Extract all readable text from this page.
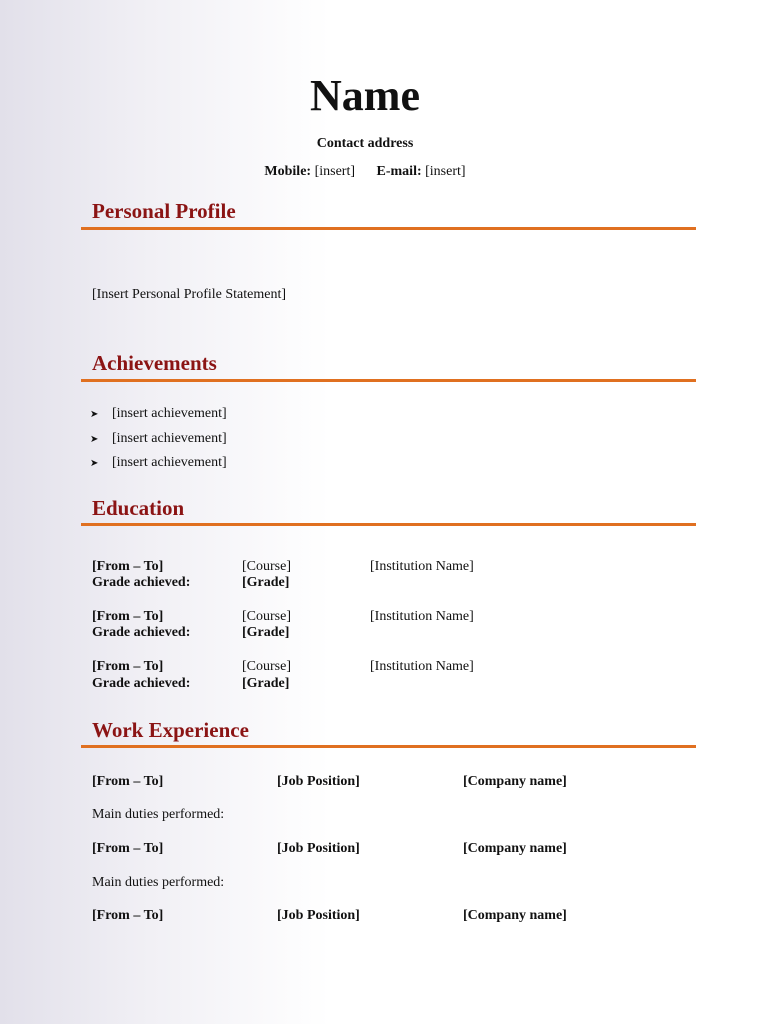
Name
Contact address
Mobile: [insert] E-mail: [insert]
Personal Profile
[Insert Personal Profile Statement]
Achievements
➤ [insert achievement]
➤ [insert achievement]
➤ [insert achievement]
Education
[From – To]	[Course]	[Institution Name]
Grade achieved:	[Grade]
[From – To]	[Course]	[Institution Name]
Grade achieved:	[Grade]
[From – To]	[Course]	[Institution Name]
Grade achieved:	[Grade]
Work Experience
[From – To]	[Job Position]	[Company name]
Main duties performed:
[From – To]	[Job Position]	[Company name]
Main duties performed:
[From – To]	[Job Position]	[Company name]
